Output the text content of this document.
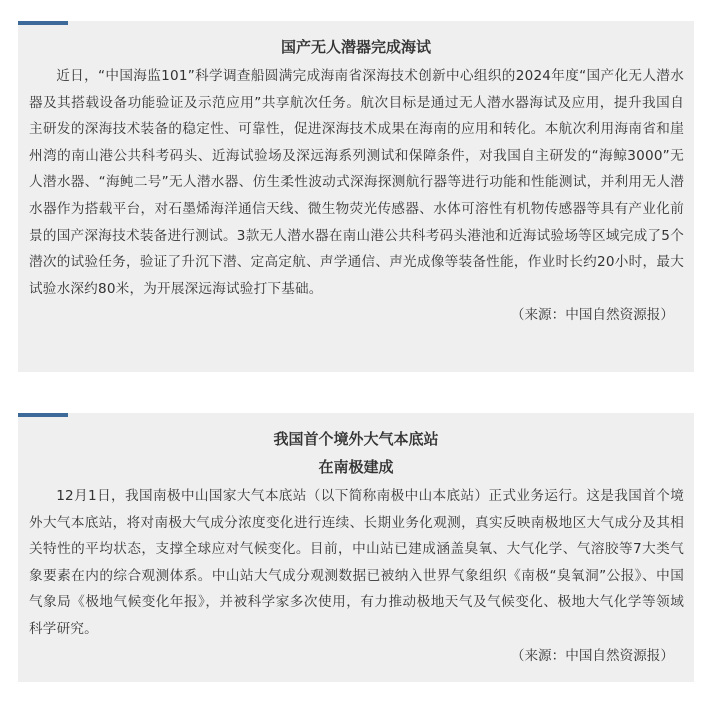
国产无人潜器完成海试

近日，“中国海监101”科学调查船圆满完成海南省深海技术创新中心组织的2024年度“国产化无人潜水器及其搭载设备功能验证及示范应用”共享航次任务。航次目标是通过无人潜水器海试及应用，提升我国自主研发的深海技术装备的稳定性、可靠性，促进深海技术成果在海南的应用和转化。本航次利用海南省和崖州湾的南山港公共科考码头、近海试验场及深远海系列测试和保障条件，对我国自主研发的“海鲸3000”无人潜水器、“海鲀二号”无人潜水器、仿生柔性波动式深海探测航行器等进行功能和性能测试，并利用无人潜水器作为搭载平台，对石墨烯海洋通信天线、微生物荧光传感器、水体可溶性有机物传感器等具有产业化前景的国产深海技术装备进行测试。3款无人潜水器在南山港公共科考码头港池和近海试验场等区域完成了5个潜次的试验任务，验证了升沉下潜、定高定航、声学通信、声光成像等装备性能，作业时长约20小时，最大试验水深约80米，为开展深远海试验打下基础。

（来源：中国自然资源报）

我国首个境外大气本底站
在南极建成

12月1日，我国南极中山国家大气本底站（以下简称南极中山本底站）正式业务运行。这是我国首个境外大气本底站，将对南极大气成分浓度变化进行连续、长期业务化观测，真实反映南极地区大气成分及其相关特性的平均状态，支撑全球应对气候变化。目前，中山站已建成涵盖臭氧、大气化学、气溶胶等7大类气象要素在内的综合观测体系。中山站大气成分观测数据已被纳入世界气象组织《南极“臭氧洞”公报》、中国气象局《极地气候变化年报》，并被科学家多次使用，有力推动极地天气及气候变化、极地大气化学等领域科学研究。

（来源：中国自然资源报）
